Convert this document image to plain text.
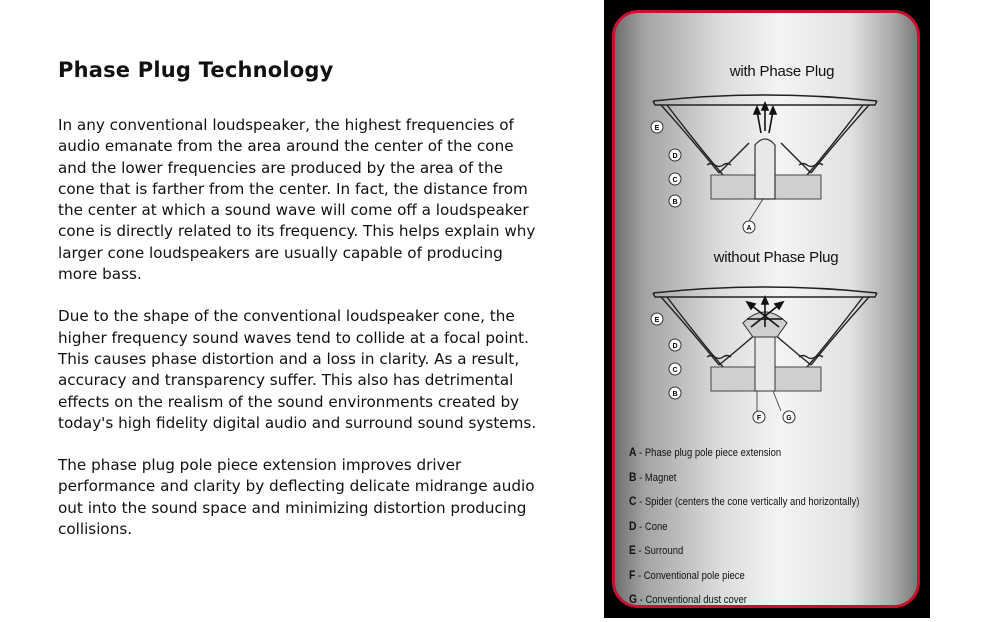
Phase Plug Technology

In any conventional loudspeaker, the highest frequencies of audio emanate from the area around the center of the cone and the lower frequencies are produced by the area of the cone that is farther from the center. In fact, the distance from the center at which a sound wave will come off a loudspeaker cone is directly related to its frequency. This helps explain why larger cone loudspeakers are usually capable of producing more bass.

Due to the shape of the conventional loudspeaker cone, the higher frequency sound waves tend to collide at a focal point. This causes phase distortion and a loss in clarity. As a result, accuracy and transparency suffer. This also has detrimental effects on the realism of the sound environments created by today's high fidelity digital audio and surround sound systems.

The phase plug pole piece extension improves driver performance and clarity by deflecting delicate midrange audio out into the sound space and minimizing distortion producing collisions.

with Phase Plug
E
D
C
B
A
without Phase Plug
E
D
C
B
F	G
A - Phase plug pole piece extension
B - Magnet
C - Spider (centers the cone vertically and horizontally)
D - Cone
E - Surround
F - Conventional pole piece
G - Conventional dust cover
